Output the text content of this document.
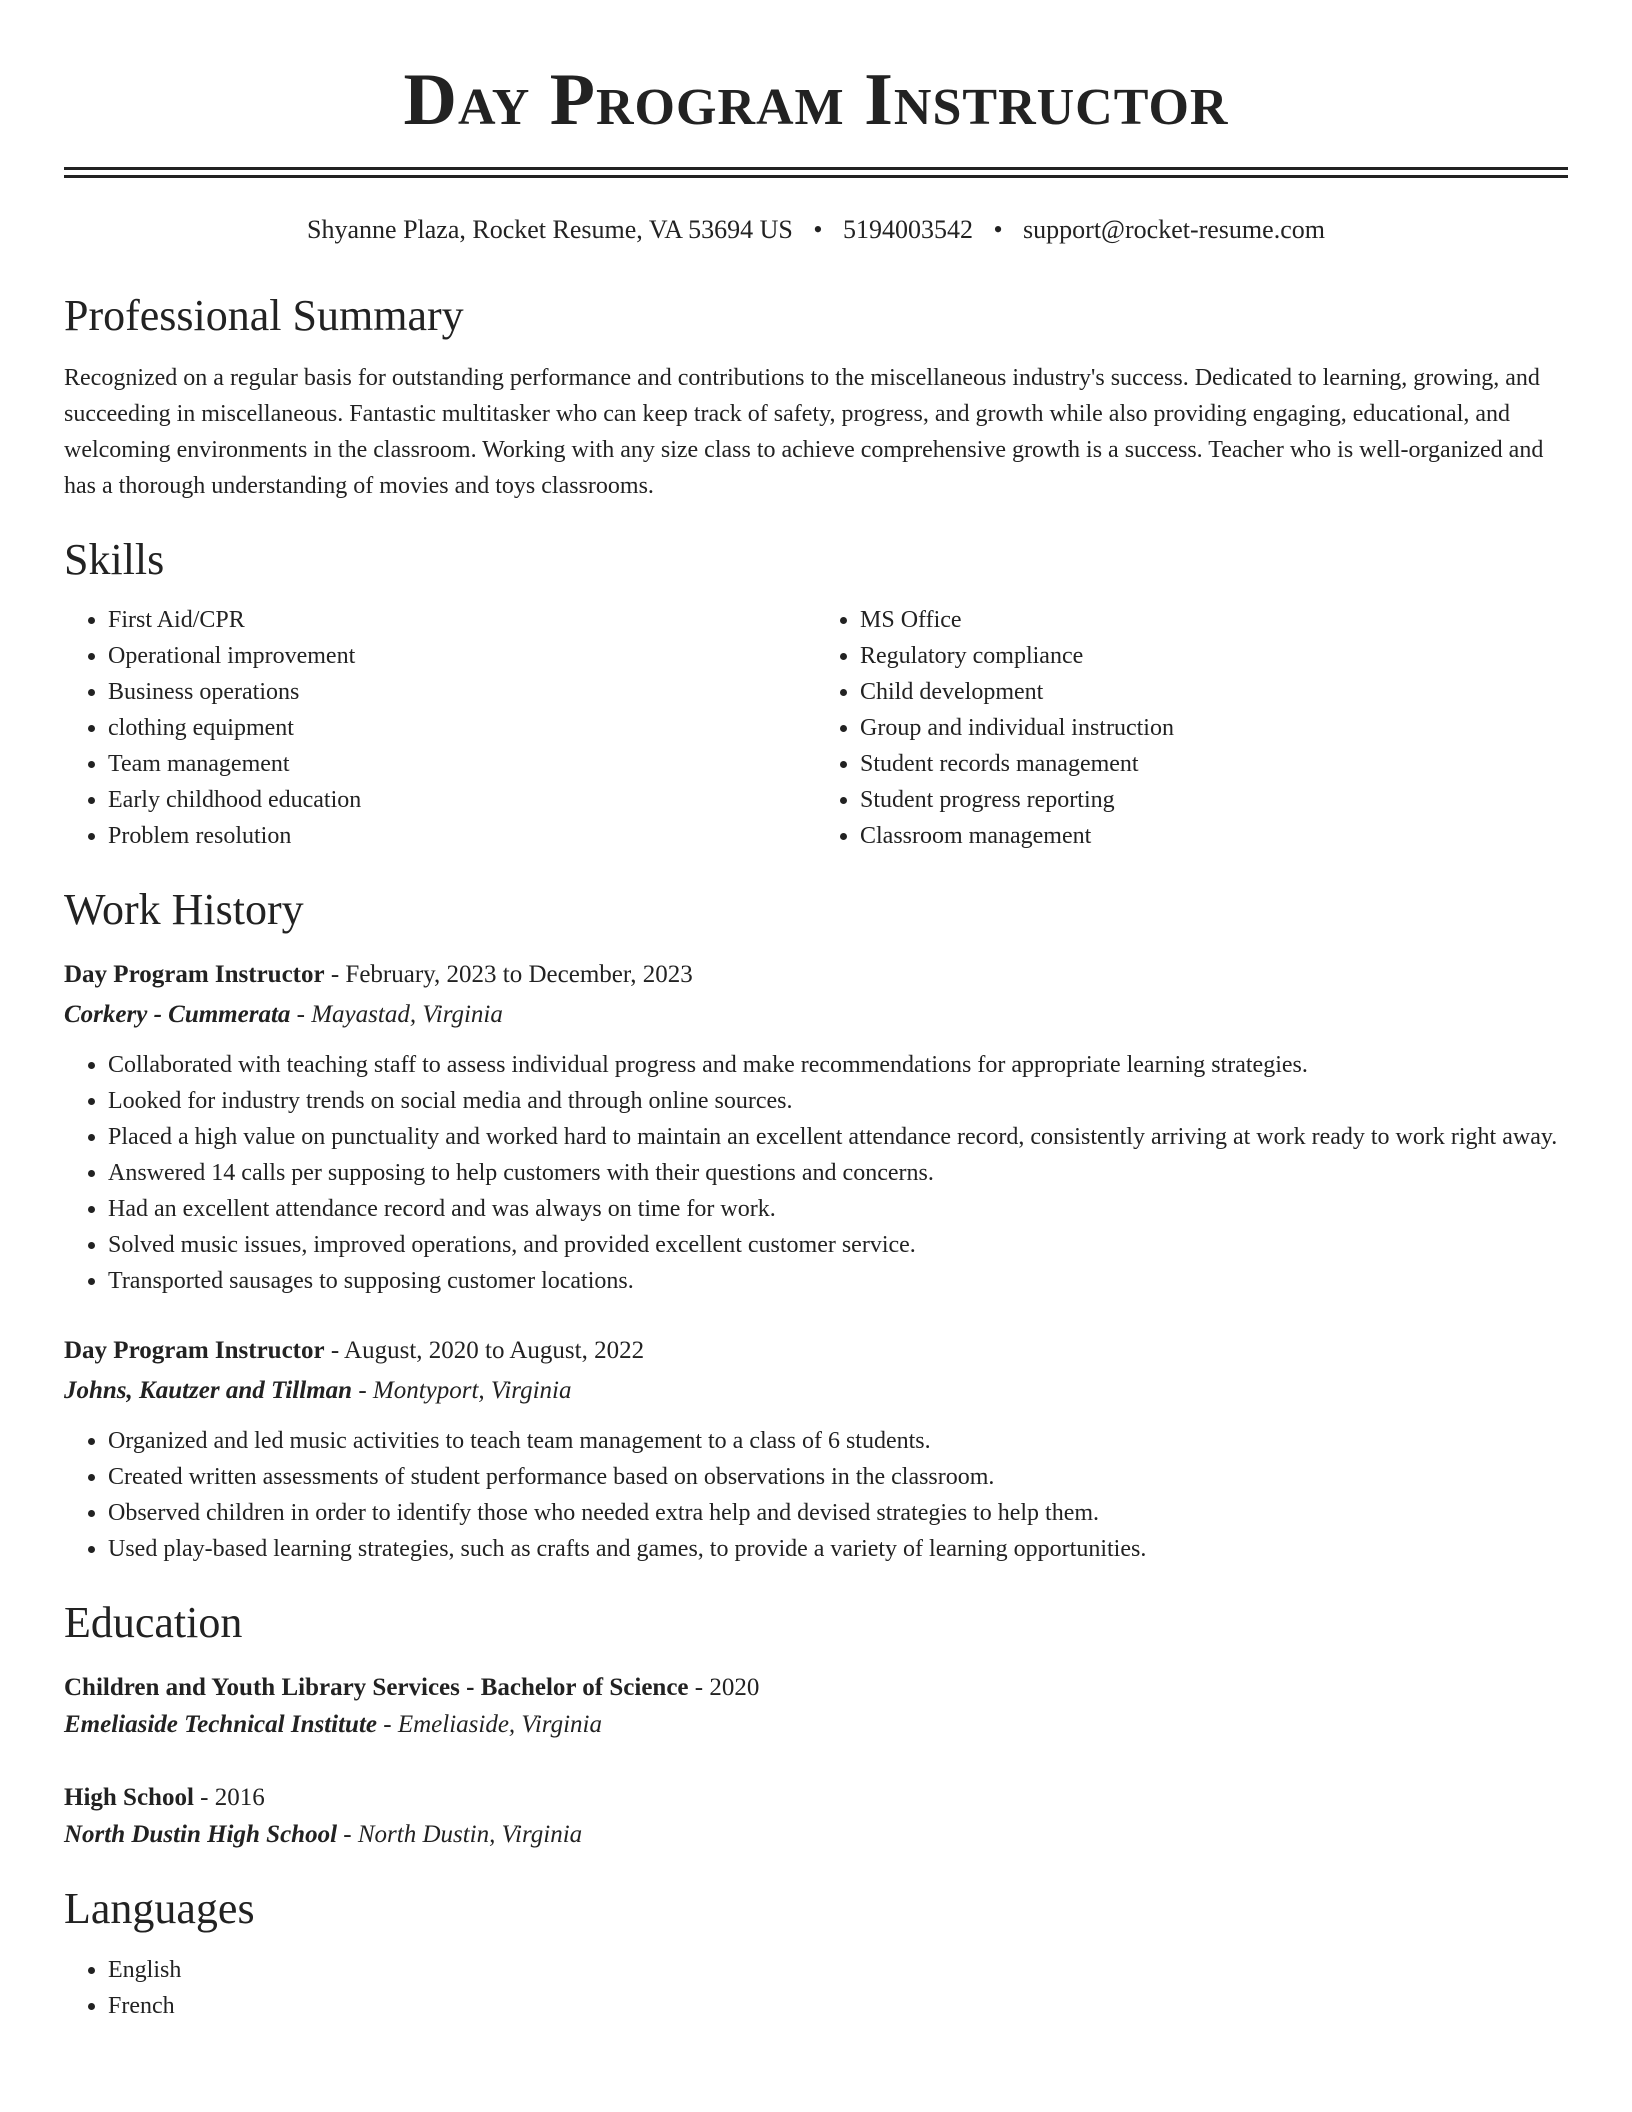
Day Program Instructor
Shyanne Plaza, Rocket Resume, VA 53694 US • 5194003542 • support@rocket-resume.com
Professional Summary

Recognized on a regular basis for outstanding performance and contributions to the miscellaneous industry's success. Dedicated to learning, growing, and succeeding in miscellaneous. Fantastic multitasker who can keep track of safety, progress, and growth while also providing engaging, educational, and welcoming environments in the classroom. Working with any size class to achieve comprehensive growth is a success. Teacher who is well-organized and has a thorough understanding of movies and toys classrooms.

Skills
• First Aid/CPR
• Operational improvement
• Business operations
• clothing equipment
• Team management
• Early childhood education
• Problem resolution
• MS Office
• Regulatory compliance
• Child development
• Group and individual instruction
• Student records management
• Student progress reporting
• Classroom management
Work History
Day Program Instructor - February, 2023 to December, 2023
Corkery - Cummerata - Mayastad, Virginia
• Collaborated with teaching staff to assess individual progress and make recommendations for appropriate learning strategies.
• Looked for industry trends on social media and through online sources.
• Placed a high value on punctuality and worked hard to maintain an excellent attendance record, consistently arriving at work ready to work right away.
• Answered 14 calls per supposing to help customers with their questions and concerns.
• Had an excellent attendance record and was always on time for work.
• Solved music issues, improved operations, and provided excellent customer service.
• Transported sausages to supposing customer locations.
Day Program Instructor - August, 2020 to August, 2022
Johns, Kautzer and Tillman - Montyport, Virginia
• Organized and led music activities to teach team management to a class of 6 students.
• Created written assessments of student performance based on observations in the classroom.
• Observed children in order to identify those who needed extra help and devised strategies to help them.
• Used play-based learning strategies, such as crafts and games, to provide a variety of learning opportunities.
Education
Children and Youth Library Services - Bachelor of Science - 2020
Emeliaside Technical Institute - Emeliaside, Virginia
High School - 2016
North Dustin High School - North Dustin, Virginia
Languages
• English
• French
